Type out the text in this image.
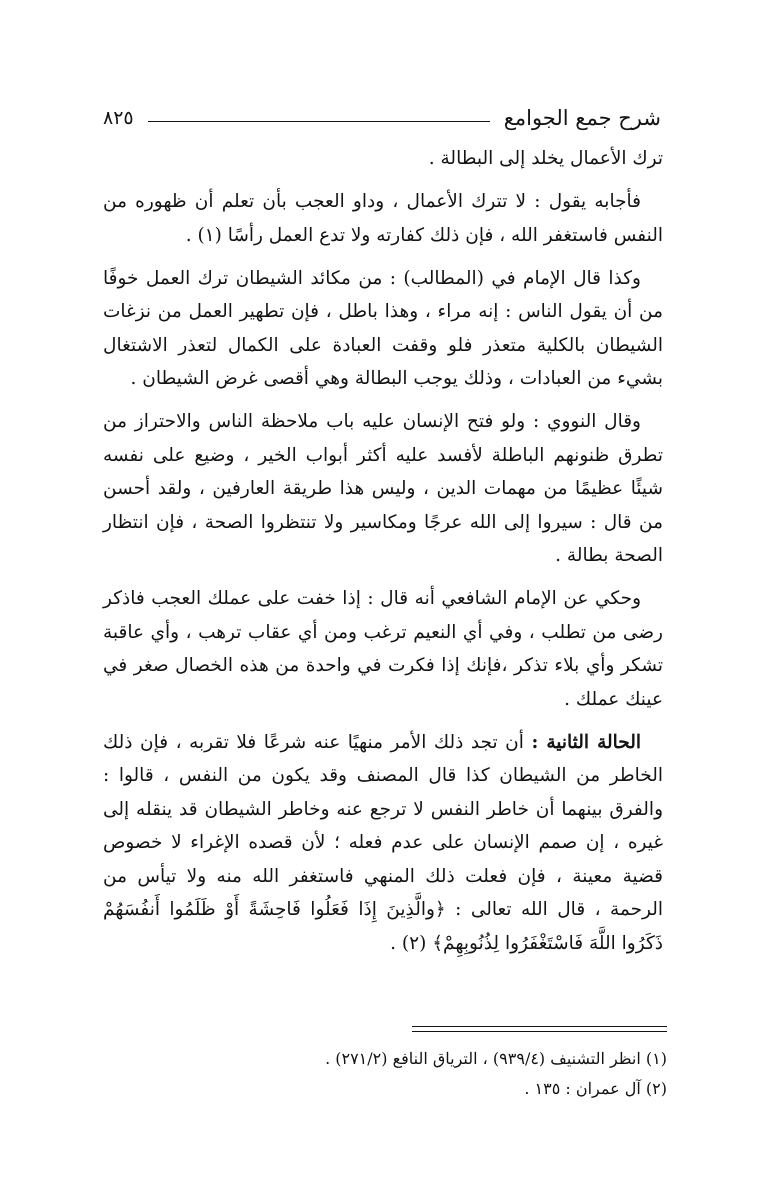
شرح جمع الجوامع
٨٢٥

ترك الأعمال يخلد إلى البطالة .

فأجابه يقول : لا تترك الأعمال ، وداو العجب بأن تعلم أن ظهوره من النفس فاستغفر الله ، فإن ذلك كفارته ولا تدع العمل رأسًا (١) .

وكذا قال الإمام في (المطالب) : من مكائد الشيطان ترك العمل خوفًا من أن يقول الناس : إنه مراء ، وهذا باطل ، فإن تطهير العمل من نزغات الشيطان بالكلية متعذر فلو وقفت العبادة على الكمال لتعذر الاشتغال بشيء من العبادات ، وذلك يوجب البطالة وهي أقصى غرض الشيطان .

وقال النووي : ولو فتح الإنسان عليه باب ملاحظة الناس والاحتراز من تطرق ظنونهم الباطلة لأفسد عليه أكثر أبواب الخير ، وضيع على نفسه شيئًا عظيمًا من مهمات الدين ، وليس هذا طريقة العارفين ، ولقد أحسن من قال : سيروا إلى الله عرجًا ومكاسير ولا تنتظروا الصحة ، فإن انتظار الصحة بطالة .

وحكي عن الإمام الشافعي أنه قال : إذا خفت على عملك العجب فاذكر رضى من تطلب ، وفي أي النعيم ترغب ومن أي عقاب ترهب ، وأي عاقبة تشكر وأي بلاء تذكر ،فإنك إذا فكرت في واحدة من هذه الخصال صغر في عينك عملك .

الحالة الثانية : أن تجد ذلك الأمر منهيًا عنه شرعًا فلا تقربه ، فإن ذلك الخاطر من الشيطان كذا قال المصنف وقد يكون من النفس ، قالوا : والفرق بينهما أن خاطر النفس لا ترجع عنه وخاطر الشيطان قد ينقله إلى غيره ، إن صمم الإنسان على عدم فعله ؛ لأن قصده الإغراء لا خصوص قضية معينة ، فإن فعلت ذلك المنهي فاستغفر الله منه ولا تيأس من الرحمة ، قال الله تعالى : ﴿والَّذِينَ إِذَا فَعَلُوا فَاحِشَةً أَوْ ظَلَمُوا أَنفُسَهُمْ ذَكَرُوا اللَّهَ فَاسْتَغْفَرُوا لِذُنُوبِهِمْ﴾ (٢) .

(١) انظر التشنيف (٩٣٩/٤) ، الترياق النافع (٢٧١/٢) .
(٢) آل عمران : ١٣٥ .
